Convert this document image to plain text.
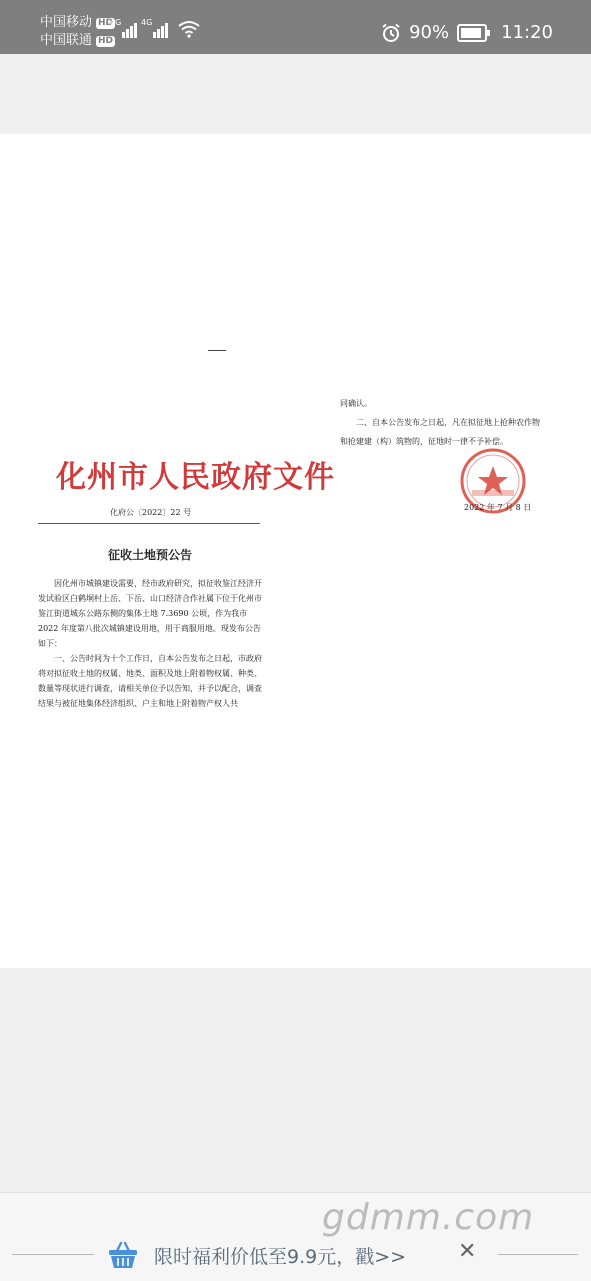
中国移动 HD
中国联通 HD
4G 4G	90%	11:20
化州市人民政府文件
化府公〔2022〕22 号
征收土地预公告

因化州市城镇建设需要，经市政府研究，拟征收鉴江经济开发试验区白鹤垌村上岳、下岳、山口经济合作社属下位于化州市鉴江街道城东公路东侧的集体土地 7.3690 公顷，作为我市 2022 年度第八批次城镇建设用地，用于商服用地。现发布公告如下：

一、公告时间为十个工作日，自本公告发布之日起，市政府将对拟征收土地的权属、地类、面积及地上附着物权属、种类、数量等现状进行调查，请相关单位予以告知，并予以配合，调查结果与被征地集体经济组织、户主和地上附着物产权人共

同确认。

二、自本公告发布之日起，凡在拟征地上抢种农作物和抢建建（构）筑物的，征地时一律不予补偿。

2022 年 7 月 8 日
gdmm.com
限时福利价低至9.9元，戳>> ✕
